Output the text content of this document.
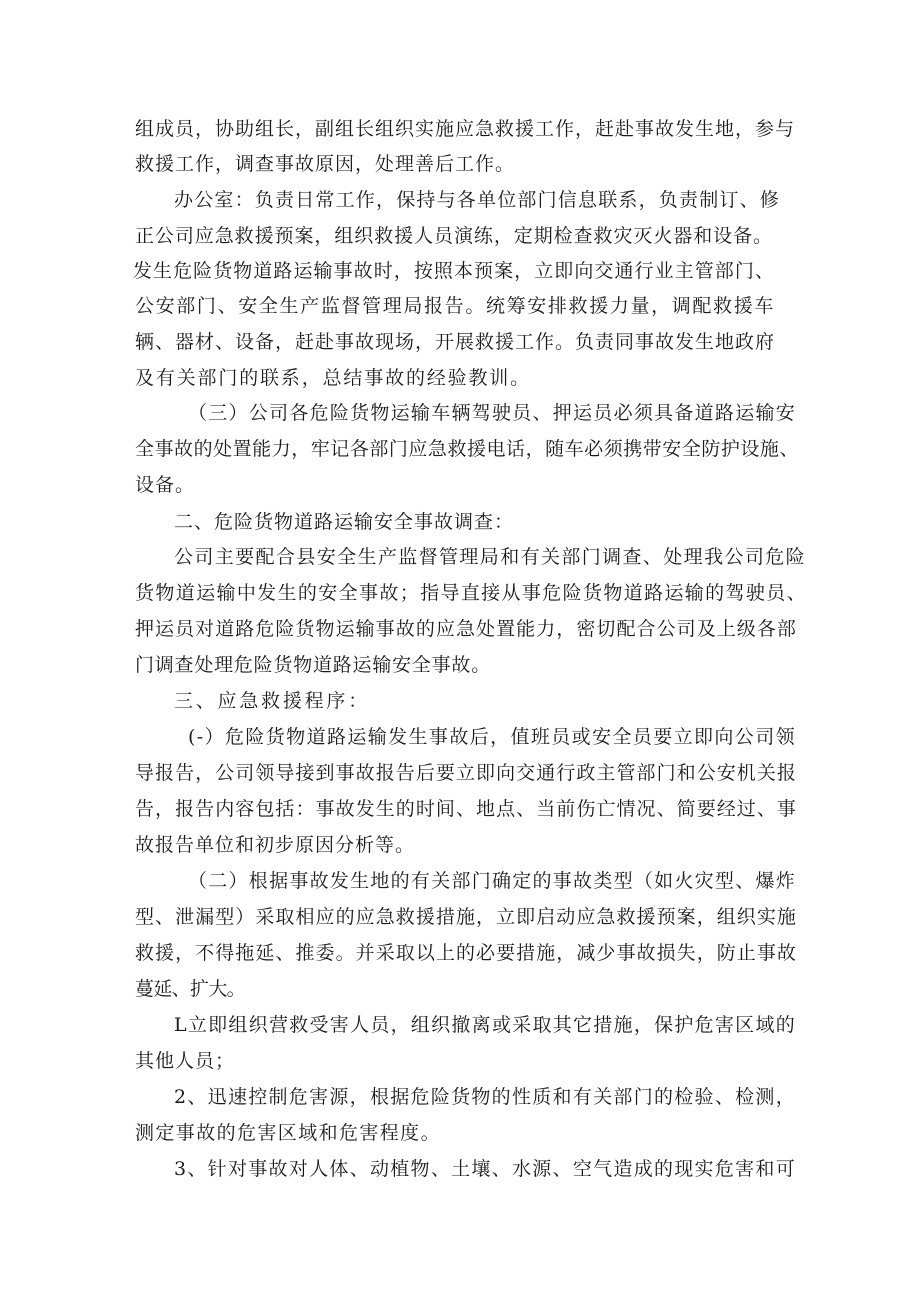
组成员，协助组长，副组长组织实施应急救援工作，赶赴事故发生地，参与
救援工作，调查事故原因，处理善后工作。
办公室：负责日常工作，保持与各单位部门信息联系，负责制订、修
正公司应急救援预案，组织救援人员演练，定期检查救灾灭火器和设备。
发生危险货物道路运输事故时，按照本预案，立即向交通行业主管部门、
公安部门、安全生产监督管理局报告。统筹安排救援力量，调配救援车
辆、器材、设备，赶赴事故现场，开展救援工作。负责同事故发生地政府
及有关部门的联系，总结事故的经验教训。
（三）公司各危险货物运输车辆驾驶员、押运员必须具备道路运输安
全事故的处置能力，牢记各部门应急救援电话，随车必须携带安全防护设施、
设备。
二、危险货物道路运输安全事故调查：
公司主要配合县安全生产监督管理局和有关部门调查、处理我公司危险
货物道运输中发生的安全事故；指导直接从事危险货物道路运输的驾驶员、
押运员对道路危险货物运输事故的应急处置能力，密切配合公司及上级各部
门调查处理危险货物道路运输安全事故。
三、应急救援程序：
(-）危险货物道路运输发生事故后，值班员或安全员要立即向公司领
导报告，公司领导接到事故报告后要立即向交通行政主管部门和公安机关报
告，报告内容包括：事故发生的时间、地点、当前伤亡情况、简要经过、事
故报告单位和初步原因分析等。
（二）根据事故发生地的有关部门确定的事故类型（如火灾型、爆炸
型、泄漏型）采取相应的应急救援措施，立即启动应急救援预案，组织实施
救援，不得拖延、推委。并采取以上的必要措施，减少事故损失，防止事故
蔓延、扩大。
L立即组织营救受害人员，组织撤离或采取其它措施，保护危害区域的
其他人员；
2、迅速控制危害源，根据危险货物的性质和有关部门的检验、检测，
测定事故的危害区域和危害程度。
3、针对事故对人体、动植物、土壤、水源、空气造成的现实危害和可
